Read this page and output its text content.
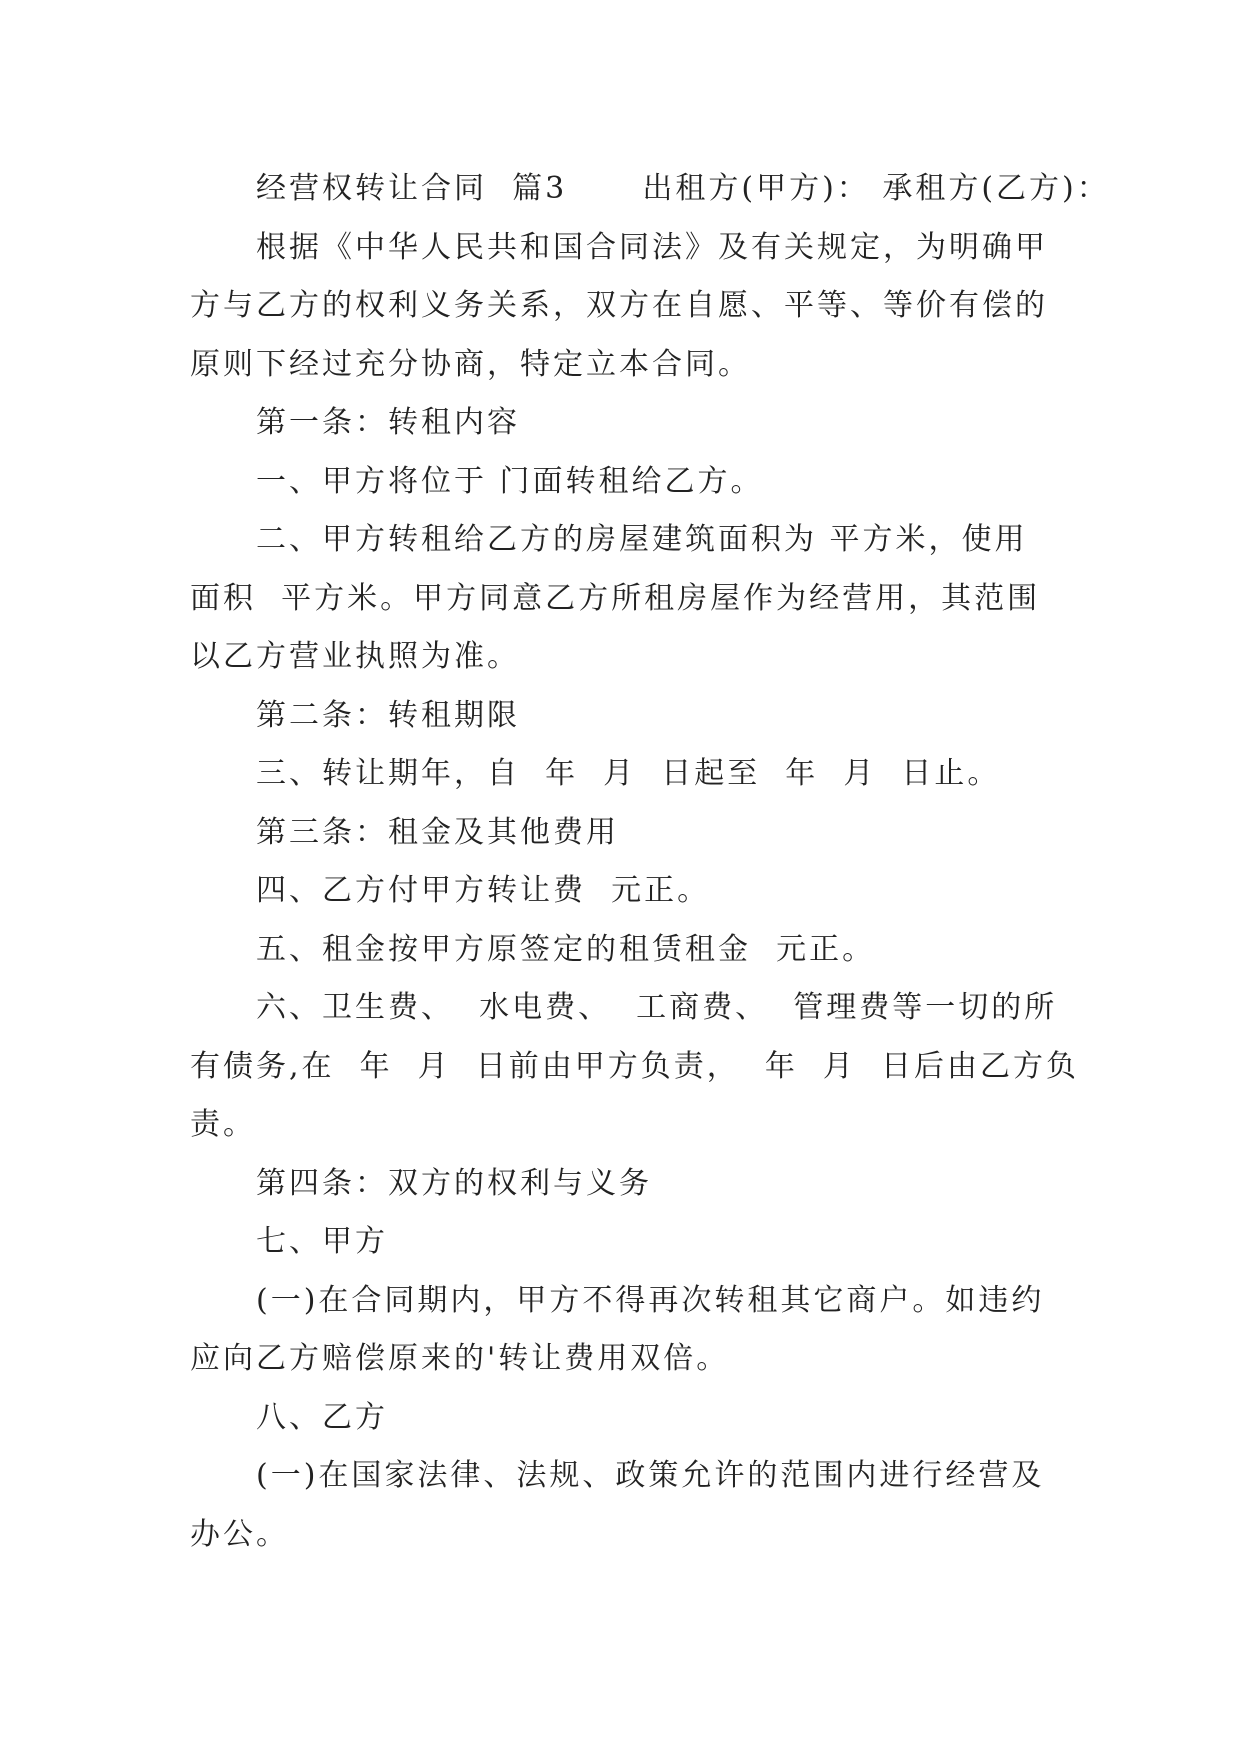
经营权转让合同  篇3      出租方(甲方)： 承租方(乙方)：
根据《中华人民共和国合同法》及有关规定，为明确甲
方与乙方的权利义务关系，双方在自愿、平等、等价有偿的
原则下经过充分协商，特定立本合同。
第一条：转租内容
一、甲方将位于 门面转租给乙方。
二、甲方转租给乙方的房屋建筑面积为 平方米，使用
面积  平方米。甲方同意乙方所租房屋作为经营用，其范围
以乙方营业执照为准。
第二条：转租期限
三、转让期年，自  年  月  日起至  年  月  日止。
第三条：租金及其他费用
四、乙方付甲方转让费  元正。
五、租金按甲方原签定的租赁租金  元正。
六、卫生费、  水电费、  工商费、  管理费等一切的所
有债务,在  年  月  日前由甲方负责，  年  月  日后由乙方负
责。
第四条：双方的权利与义务
七、甲方
(一)在合同期内，甲方不得再次转租其它商户。如违约
应向乙方赔偿原来的'转让费用双倍。
八、乙方
(一)在国家法律、法规、政策允许的范围内进行经营及
办公。
